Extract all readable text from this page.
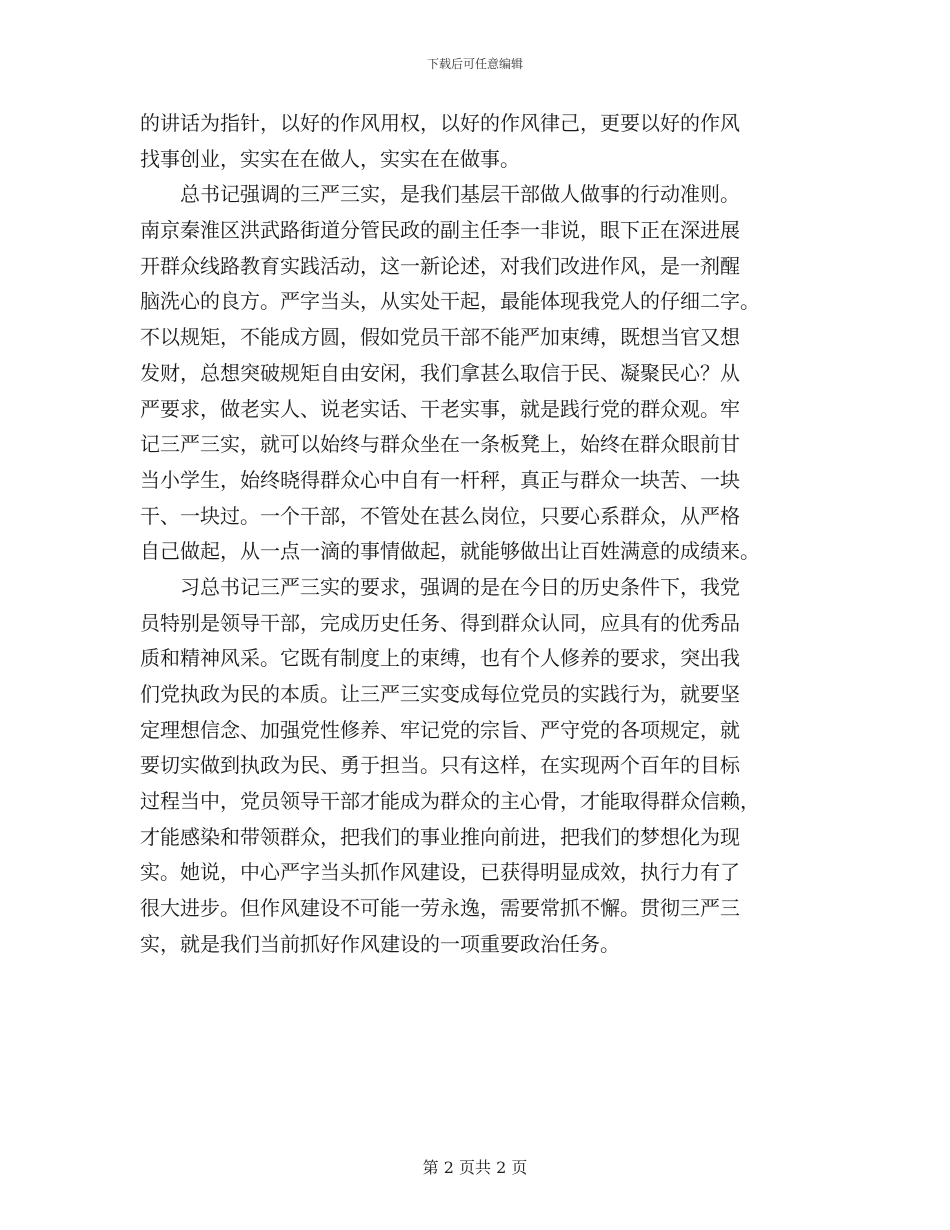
下载后可任意编辑
的讲话为指针，以好的作风用权，以好的作风律己，更要以好的作风
找事创业，实实在在做人，实实在在做事。
　　总书记强调的三严三实，是我们基层干部做人做事的行动准则。
南京秦淮区洪武路街道分管民政的副主任李一非说，眼下正在深进展
开群众线路教育实践活动，这一新论述，对我们改进作风，是一剂醒
脑洗心的良方。严字当头，从实处干起，最能体现我党人的仔细二字。
不以规矩，不能成方圆，假如党员干部不能严加束缚，既想当官又想
发财，总想突破规矩自由安闲，我们拿甚么取信于民、凝聚民心？从
严要求，做老实人、说老实话、干老实事，就是践行党的群众观。牢
记三严三实，就可以始终与群众坐在一条板凳上，始终在群众眼前甘
当小学生，始终晓得群众心中自有一杆秤，真正与群众一块苦、一块
干、一块过。一个干部，不管处在甚么岗位，只要心系群众，从严格
自己做起，从一点一滴的事情做起，就能够做出让百姓满意的成绩来。
　　习总书记三严三实的要求，强调的是在今日的历史条件下，我党
员特别是领导干部，完成历史任务、得到群众认同，应具有的优秀品
质和精神风采。它既有制度上的束缚，也有个人修养的要求，突出我
们党执政为民的本质。让三严三实变成每位党员的实践行为，就要坚
定理想信念、加强党性修养、牢记党的宗旨、严守党的各项规定，就
要切实做到执政为民、勇于担当。只有这样，在实现两个百年的目标
过程当中，党员领导干部才能成为群众的主心骨，才能取得群众信赖，
才能感染和带领群众，把我们的事业推向前进，把我们的梦想化为现
实。她说，中心严字当头抓作风建设，已获得明显成效，执行力有了
很大进步。但作风建设不可能一劳永逸，需要常抓不懈。贯彻三严三
实，就是我们当前抓好作风建设的一项重要政治任务。
第 2 页共 2 页
